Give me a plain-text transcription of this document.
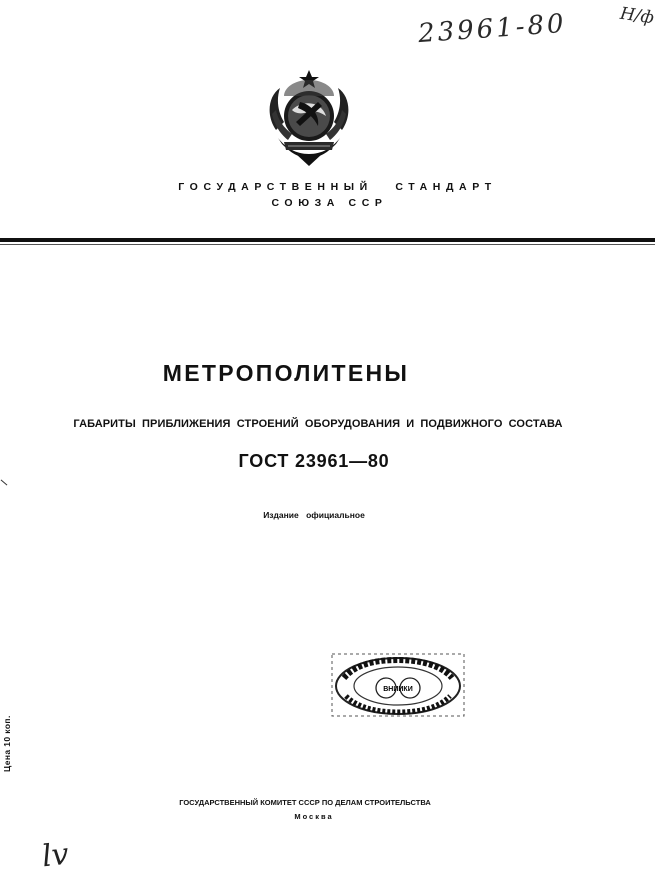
23961-80	H/ф
ГОСУДАРСТВЕННЫЙ СТАНДАРТ
СОЮЗА ССР
МЕТРОПОЛИТЕНЫ
ГАБАРИТЫ ПРИБЛИЖЕНИЯ СТРОЕНИЙ ОБОРУДОВАНИЯ И ПОДВИЖНОГО СОСТАВА
ГОСТ 23961—80
Издание официальное
ВНИИКИ
Цена 10 коп.
ГОСУДАРСТВЕННЫЙ КОМИТЕТ СССР ПО ДЕЛАМ СТРОИТЕЛЬСТВА
Москва
lv
